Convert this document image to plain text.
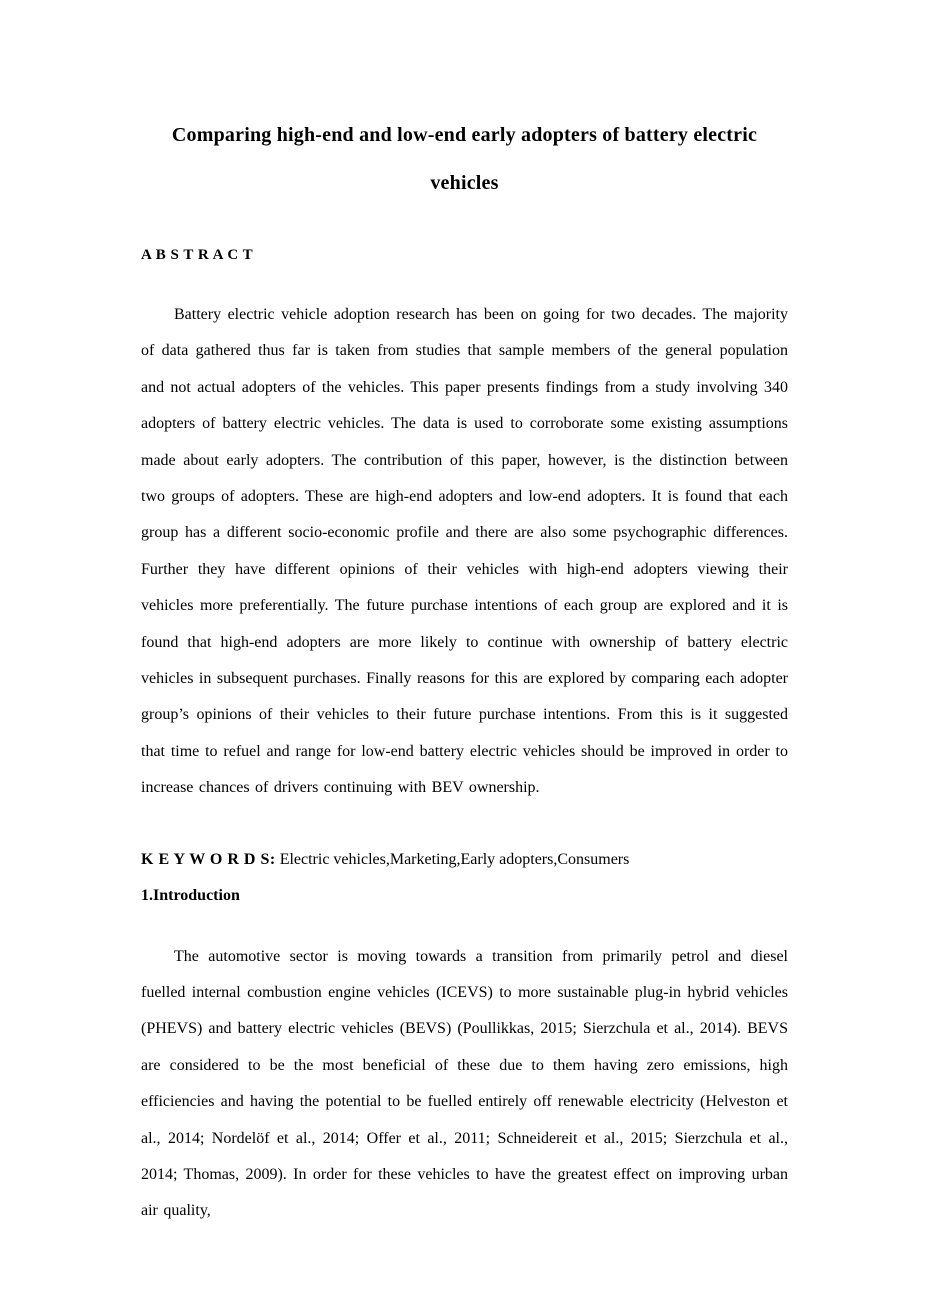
Comparing high-end and low-end early adopters of battery electric
vehicles
A B S T R A C T

Battery electric vehicle adoption research has been on going for two decades. The majority of data gathered thus far is taken from studies that sample members of the general population and not actual adopters of the vehicles. This paper presents findings from a study involving 340 adopters of battery electric vehicles. The data is used to corroborate some existing assumptions made about early adopters. The contribution of this paper, however, is the distinction between two groups of adopters. These are high-end adopters and low-end adopters. It is found that each group has a different socio-economic profile and there are also some psychographic differences. Further they have different opinions of their vehicles with high-end adopters viewing their vehicles more preferentially. The future purchase intentions of each group are explored and it is found that high-end adopters are more likely to continue with ownership of battery electric vehicles in subsequent purchases. Finally reasons for this are explored by comparing each adopter group’s opinions of their vehicles to their future purchase intentions. From this is it suggested that time to refuel and range for low-end battery electric vehicles should be improved in order to increase chances of drivers continuing with BEV ownership.

K E Y W O R D S: Electric vehicles,Marketing,Early adopters,Consumers
1.Introduction

The automotive sector is moving towards a transition from primarily petrol and diesel fuelled internal combustion engine vehicles (ICEVS) to more sustainable plug-in hybrid vehicles (PHEVS) and battery electric vehicles (BEVS) (Poullikkas, 2015; Sierzchula et al., 2014). BEVS are considered to be the most beneficial of these due to them having zero emissions, high efficiencies and having the potential to be fuelled entirely off renewable electricity (Helveston et al., 2014; Nordelöf et al., 2014; Offer et al., 2011; Schneidereit et al., 2015; Sierzchula et al., 2014; Thomas, 2009). In order for these vehicles to have the greatest effect on improving urban air quality,
